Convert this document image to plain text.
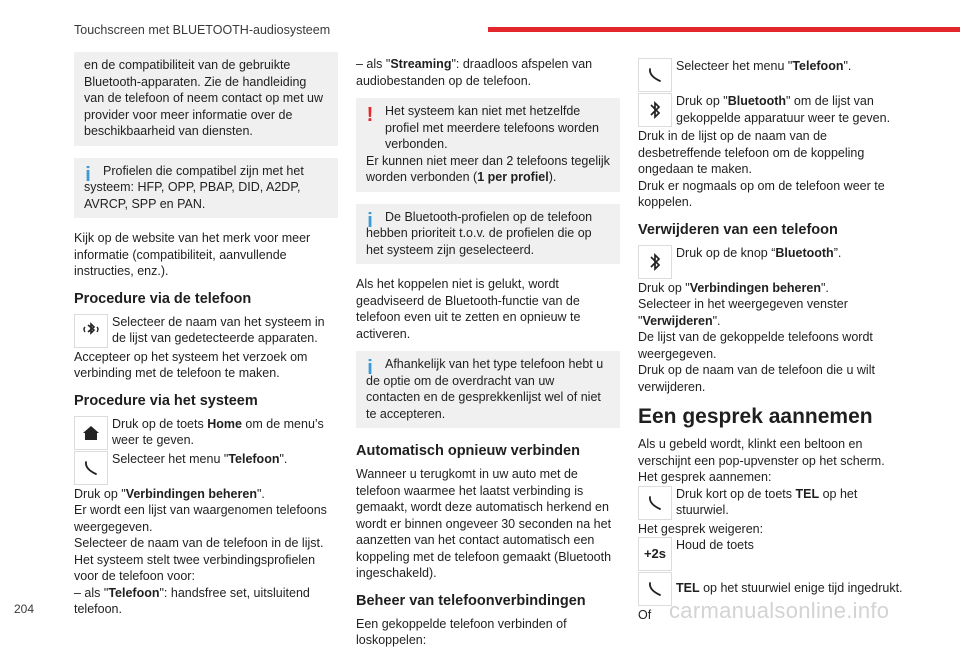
Touchscreen met BLUETOOTH-audiosysteem
en de compatibiliteit van de gebruikte Bluetooth-apparaten. Zie de handleiding van de telefoon of neem contact op met uw provider voor meer informatie over de beschikbaarheid van diensten.
i Profielen die compatibel zijn met het
systeem: HFP, OPP, PBAP, DID, A2DP, AVRCP, SPP en PAN.

Kijk op de website van het merk voor meer informatie (compatibiliteit, aanvullende instructies, enz.).

Procedure via de telefoon
Selecteer de naam van het systeem in de lijst van gedetecteerde apparaten.

Accepteer op het systeem het verzoek om verbinding met de telefoon te maken.

Procedure via het systeem
Druk op de toets Home om de menu’s weer te geven.
Selecteer het menu "Telefoon".
Druk op "Verbindingen beheren".
Er wordt een lijst van waargenomen telefoons weergegeven.
Selecteer de naam van de telefoon in de lijst.
Het systeem stelt twee verbindingsprofielen voor de telefoon voor:
– als "Telefoon": handsfree set, uitsluitend telefoon.

– als "Streaming": draadloos afspelen van audiobestanden op de telefoon.

! Het systeem kan niet met hetzelfde
profiel met meerdere telefoons worden verbonden.
Er kunnen niet meer dan 2 telefoons tegelijk worden verbonden (1 per profiel).
i De Bluetooth-profielen op de telefoon
hebben prioriteit t.o.v. de profielen die op het systeem zijn geselecteerd.

Als het koppelen niet is gelukt, wordt geadviseerd de Bluetooth-functie van de telefoon even uit te zetten en opnieuw te activeren.

i Afhankelijk van het type telefoon hebt u
de optie om de overdracht van uw contacten en de gesprekkenlijst wel of niet te accepteren.
Automatisch opnieuw verbinden

Wanneer u terugkomt in uw auto met de telefoon waarmee het laatst verbinding is gemaakt, wordt deze automatisch herkend en wordt er binnen ongeveer 30 seconden na het aanzetten van het contact automatisch een koppeling met de telefoon gemaakt (Bluetooth ingeschakeld).

Beheer van telefoonverbindingen

Een gekoppelde telefoon verbinden of loskoppelen:

Selecteer het menu "Telefoon".
Druk op "Bluetooth" om de lijst van gekoppelde apparatuur weer te geven.
Druk in de lijst op de naam van de desbetreffende telefoon om de koppeling ongedaan te maken.

Druk er nogmaals op om de telefoon weer te koppelen.

Verwijderen van een telefoon
Druk op de knop “Bluetooth”.
Druk op "Verbindingen beheren".
Selecteer in het weergegeven venster "Verwijderen".
De lijst van de gekoppelde telefoons wordt weergegeven.

Druk op de naam van de telefoon die u wilt verwijderen.

Een gesprek aannemen
Als u gebeld wordt, klinkt een beltoon en verschijnt een pop-upvenster op het scherm.
Het gesprek aannemen:
Druk kort op de toets TEL op het stuurwiel.
Het gesprek weigeren:
+2s
Houd de toets
TEL op het stuurwiel enige tijd ingedrukt.
Of
204	carmanualsonline.info
